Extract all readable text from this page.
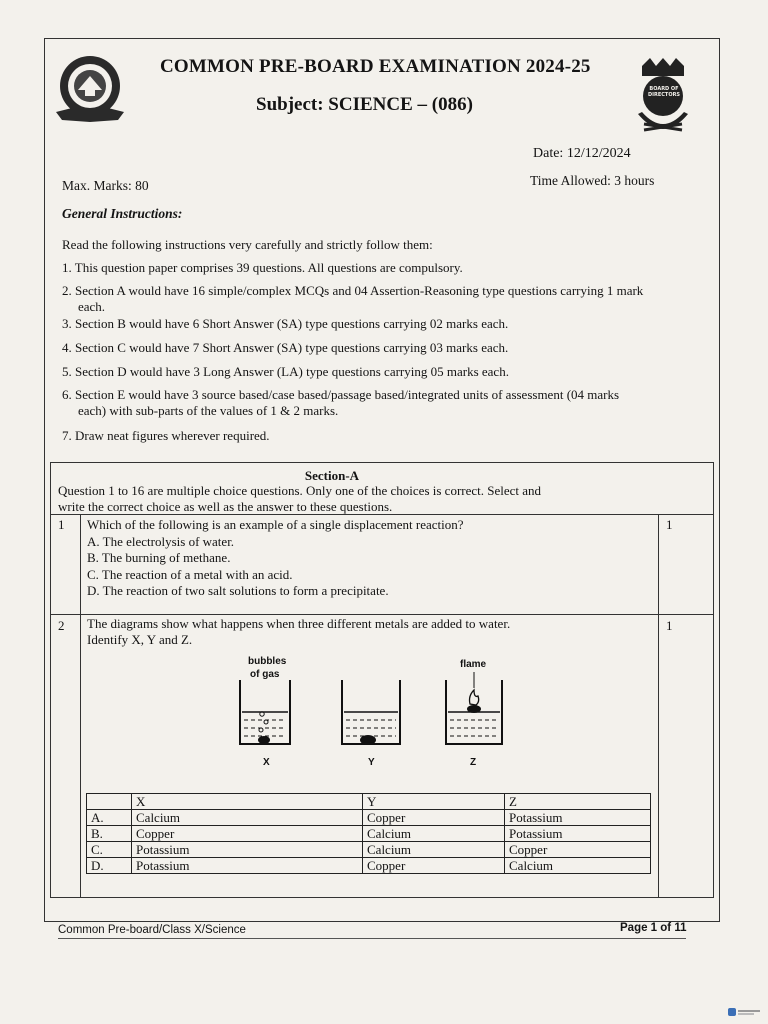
BOARD OF DIRECTORS
COMMON PRE-BOARD EXAMINATION 2024-25
Subject: SCIENCE – (086)
Date: 12/12/2024
Time Allowed: 3 hours
Max. Marks: 80
General Instructions:
Read the following instructions very carefully and strictly follow them:
1. This question paper comprises 39 questions. All questions are compulsory.
2. Section A would have 16 simple/complex MCQs and 04 Assertion-Reasoning type questions carrying 1 mark
each.
3. Section B would have 6 Short Answer (SA) type questions carrying 02 marks each.
4. Section C would have 7 Short Answer (SA) type questions carrying 03 marks each.
5. Section D would have 3 Long Answer (LA) type questions carrying 05 marks each.
6. Section E would have 3 source based/case based/passage based/integrated units of assessment (04 marks
each) with sub-parts of the values of 1 & 2 marks.
7. Draw neat figures wherever required.
Section-A
Question 1 to 16 are multiple choice questions. Only one of the choices is correct. Select and
write the correct choice as well as the answer to these questions.
1 Which of the following is an example of a single displacement reaction?
A. The electrolysis of water.
B. The burning of methane.
C. The reaction of a metal with an acid.
D. The reaction of two salt solutions to form a precipitate.
1
2 The diagrams show what happens when three different metals are added to water.
Identify X, Y and Z.
1
bubbles
of gas
flame
X	Y	Z
	X	Y	Z
A.	Calcium	Copper	Potassium
B.	Copper	Calcium	Potassium
C.	Potassium	Calcium	Copper
D.	Potassium	Copper	Calcium
Common Pre-board/Class X/Science	Page 1 of 11
